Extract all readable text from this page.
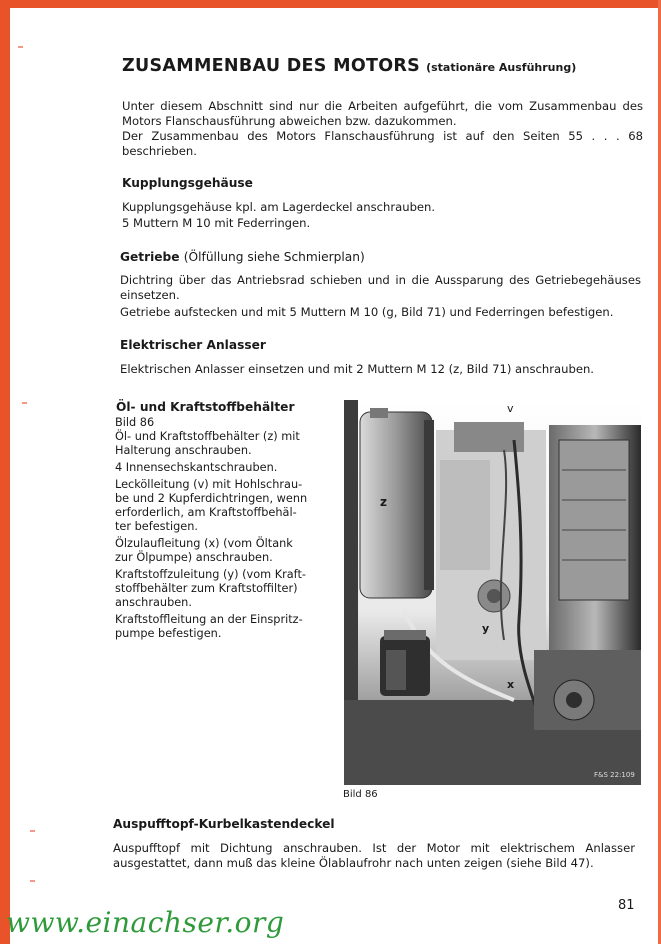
ZUSAMMENBAU DES MOTORS (stationäre Ausführung)

Unter diesem Abschnitt sind nur die Arbeiten aufgeführt, die vom Zusammenbau des Motors Flanschausführung abweichen bzw. dazukommen.

Der Zusammenbau des Motors Flanschausführung ist auf den Seiten 55 . . . 68 beschrieben.

Kupplungsgehäuse

Kupplungsgehäuse kpl. am Lagerdeckel anschrauben.

5 Muttern M 10 mit Federringen.

Getriebe (Ölfüllung siehe Schmierplan)

Dichtring über das Antriebsrad schieben und in die Aussparung des Getriebegehäuses einsetzen.

Getriebe aufstecken und mit 5 Muttern M 10 (g, Bild 71) und Federringen befestigen.

Elektrischer Anlasser

Elektrischen Anlasser einsetzen und mit 2 Muttern M 12 (z, Bild 71) anschrauben.

Öl- und Kraftstoffbehälter
Bild 86
Öl- und Kraftstoffbehälter (z) mit
Halterung anschrauben.
4 Innensechskantschrauben.
Leckölleitung (v) mit Hohlschrau-
be und 2 Kupferdichtringen, wenn
erforderlich, am Kraftstoffbehäl-
ter befestigen.
Ölzulaufleitung (x) (vom Öltank
zur Ölpumpe) anschrauben.
Kraftstoffzuleitung (y) (vom Kraft-
stoffbehälter zum Kraftstoffilter)
anschrauben.
Kraftstoffleitung an der Einspritz-
pumpe befestigen.
v
z
y
x
F&S 22:109
Bild 86
Auspufftopf-Kurbelkastendeckel

Auspufftopf mit Dichtung anschrauben. Ist der Motor mit elektrischem Anlasser ausgestattet, dann muß das kleine Ölablaufrohr nach unten zeigen (siehe Bild 47).

81
www.einachser.org
